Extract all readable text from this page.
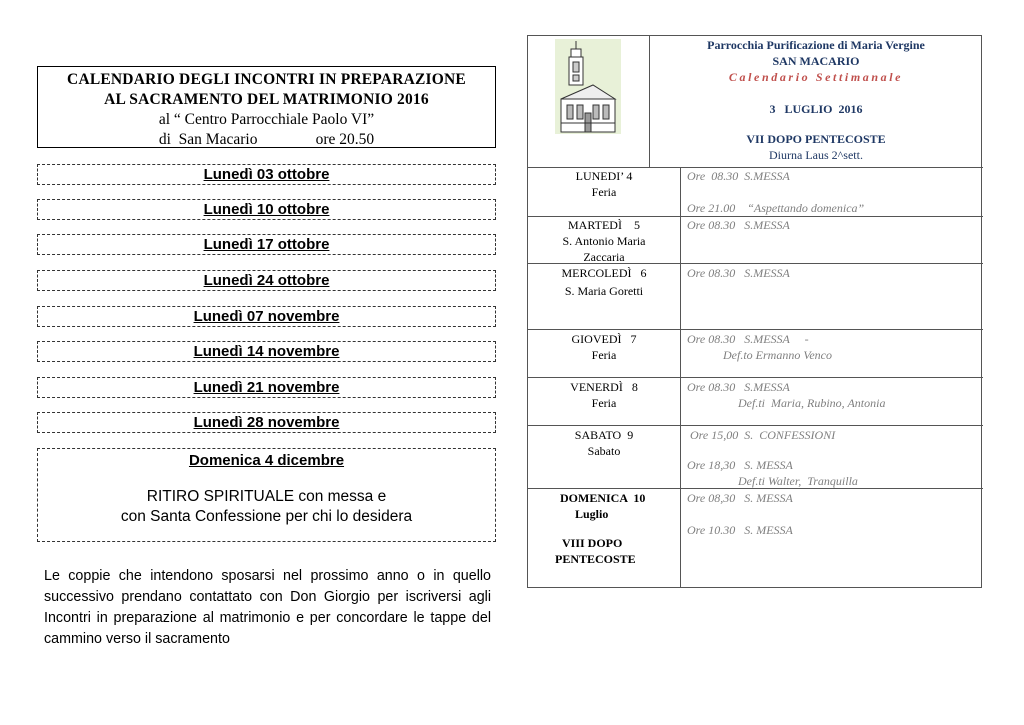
CALENDARIO DEGLI INCONTRI IN PREPARAZIONE
AL SACRAMENTO DEL MATRIMONIO 2016
al “ Centro Parrocchiale Paolo VI”
di  San Macario               ore 20.50
Lunedì 03 ottobre
Lunedì 10 ottobre
Lunedì 17 ottobre
Lunedì 24 ottobre
Lunedì 07 novembre
Lunedì 14 novembre
Lunedì 21 novembre
Lunedì 28 novembre
Domenica 4 dicembre
RITIRO SPIRITUALE con messa e
con Santa Confessione per chi lo desidera
Le coppie che intendono sposarsi nel prossimo anno o in quello successivo prendano contattato con Don Giorgio per iscriversi agli Incontri in preparazione al matrimonio e per concordare le tappe del cammino verso il sacramento
Parrocchia Purificazione di Maria Vergine
SAN MACARIO
Calendario Settimanale
3   LUGLIO  2016
VII DOPO PENTECOSTE
Diurna Laus 2^sett.
LUNEDI’ 4
Feria
Ore  08.30  S.MESSA
Ore 21.00    “Aspettando domenica”
MARTEDÌ    5
S. Antonio Maria
Zaccaria
Ore 08.30   S.MESSA
MERCOLEDÌ   6
S. Maria Goretti
Ore 08.30   S.MESSA
GIOVEDÌ   7
Feria
Ore 08.30   S.MESSA     -
Def.to Ermanno Venco
VENERDÌ   8
Feria
Ore 08.30   S.MESSA
Def.ti  Maria, Rubino, Antonia
SABATO  9
Sabato
Ore 15,00  S.  CONFESSIONI
Ore 18,30   S. MESSA
Def.ti Walter,  Tranquilla
DOMENICA  10
Luglio
VIII DOPO
PENTECOSTE
Ore 08,30   S. MESSA
Ore 10.30   S. MESSA
